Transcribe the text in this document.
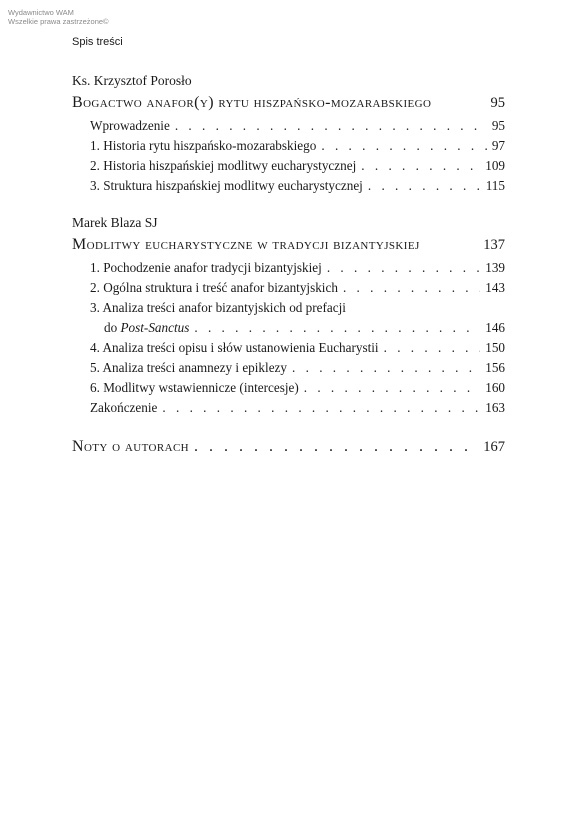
Wydawnictwo WAM
Wszelkie prawa zastrzeżone©
Spis treści
Ks. Krzysztof Porosło
Bogactwo anafor(y) rytu hiszpańsko-mozarabskiego	95
Wprowadzenie . . .	95
1. Historia rytu hiszpańsko-mozarabskiego . . .	97
2. Historia hiszpańskiej modlitwy eucharystycznej . . .	109
3. Struktura hiszpańskiej modlitwy eucharystycznej . . .	115
Marek Blaza SJ
Modlitwy eucharystyczne w tradycji bizantyjskiej	137
1. Pochodzenie anafor tradycji bizantyjskiej . . .	139
2. Ogólna struktura i treść anafor bizantyjskich . . .	143
3. Analiza treści anafor bizantyjskich od prefacji
do Post-Sanctus . . .	146
4. Analiza treści opisu i słów ustanowienia Eucharystii . . .	150
5. Analiza treści anamnezy i epiklezy . . .	156
6. Modlitwy wstawiennicze (intercesje) . . .	160
Zakończenie . . .	163
Noty o autorach . . .	167
